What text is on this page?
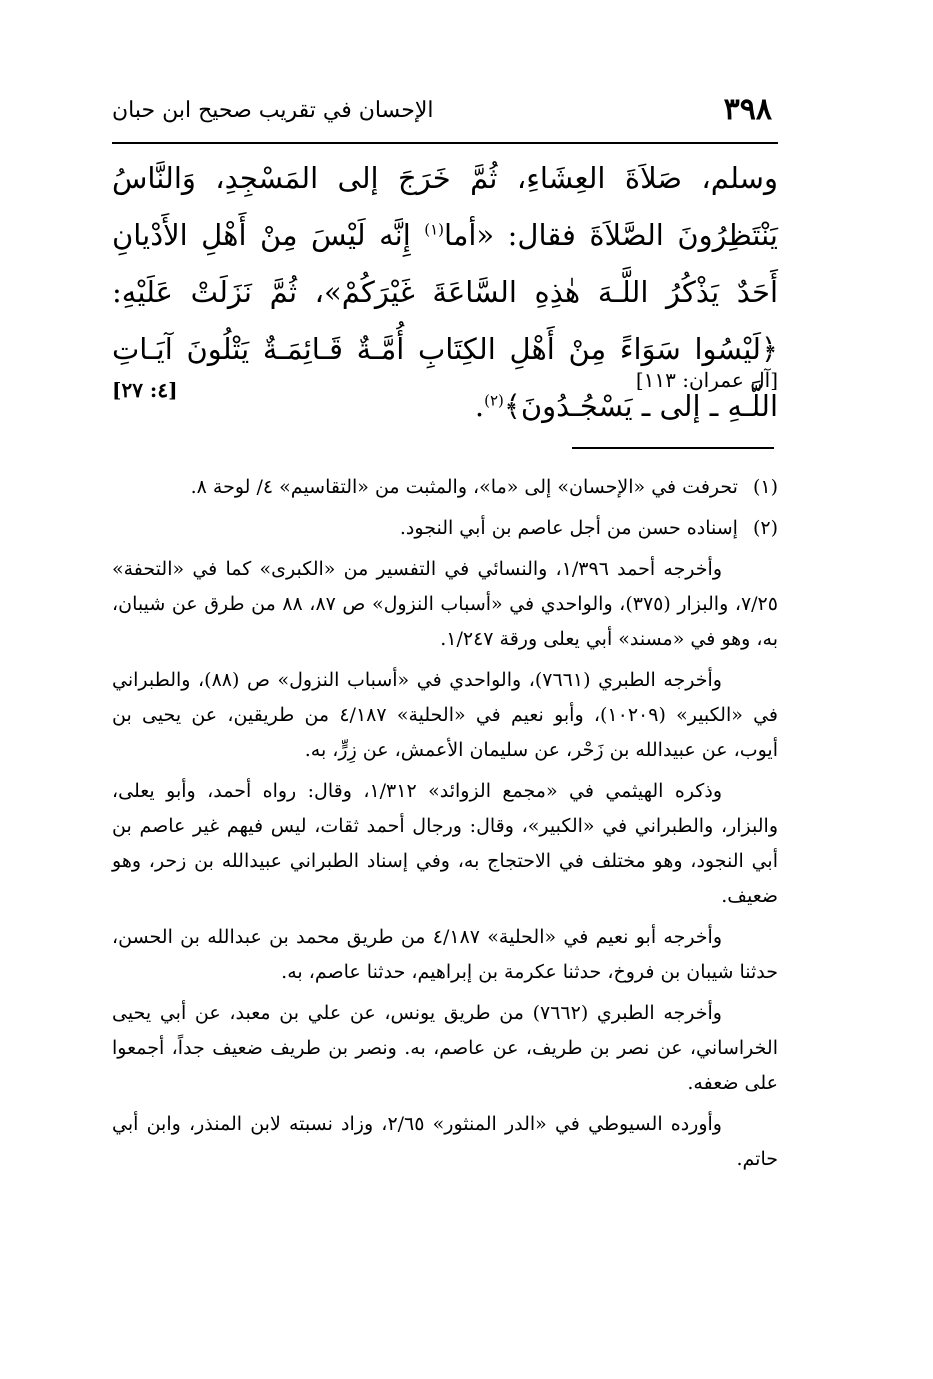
٣٩٨
الإحسان في تقريب صحيح ابن حبان

وسلم، صَلاَةَ العِشَاءِ، ثُمَّ خَرَجَ إلى المَسْجِدِ، وَالنَّاسُ يَنْتَظِرُونَ الصَّلاَةَ فقال: «أما$^{(١)}$ إِنَّه لَيْسَ مِنْ أَهْلِ الأَدْيانِ أَحَدٌ يَذْكُرُ اللَّـهَ هٰذِهِ السَّاعَةَ غَيْرَكُمْ»، ثُمَّ نَزَلَتْ عَلَيْهِ: ﴿لَيْسُوا سَوَاءً مِنْ أَهْلِ الكِتَابِ أُمَّـةٌ قَـائِمَـةٌ يَتْلُونَ آيَـاتِ اللَّـهِ ـ إلى ـ يَسْجُـدُونَ﴾$^{(٢)}$.

[آل عمران: ١١٣]
[٤: ٢٧]

(١) تحرفت في «الإحسان» إلى «ما»، والمثبت من «التقاسيم» ٤/ لوحة ٨.

(٢) إسناده حسن من أجل عاصم بن أبي النجود.

وأخرجه أحمد ١/٣٩٦، والنسائي في التفسير من «الكبرى» كما في «التحفة» ٧/٢٥، والبزار (٣٧٥)، والواحدي في «أسباب النزول» ص ٨٧، ٨٨ من طرق عن شيبان، به، وهو في «مسند» أبي يعلى ورقة ١/٢٤٧.

وأخرجه الطبري (٧٦٦١)، والواحدي في «أسباب النزول» ص (٨٨)، والطبراني في «الكبير» (١٠٢٠٩)، وأبو نعيم في «الحلية» ٤/١٨٧ من طريقين، عن يحيى بن أيوب، عن عبيدالله بن زَحْر، عن سليمان الأعمش، عن زِرٍّ، به.

وذكره الهيثمي في «مجمع الزوائد» ١/٣١٢، وقال: رواه أحمد، وأبو يعلى، والبزار، والطبراني في «الكبير»، وقال: ورجال أحمد ثقات، ليس فيهم غير عاصم بن أبي النجود، وهو مختلف في الاحتجاج به، وفي إسناد الطبراني عبيدالله بن زحر، وهو ضعيف.

وأخرجه أبو نعيم في «الحلية» ٤/١٨٧ من طريق محمد بن عبدالله بن الحسن، حدثنا شيبان بن فروخ، حدثنا عكرمة بن إبراهيم، حدثنا عاصم، به.

وأخرجه الطبري (٧٦٦٢) من طريق يونس، عن علي بن معبد، عن أبي يحيى الخراساني، عن نصر بن طريف، عن عاصم، به. ونصر بن طريف ضعيف جداً، أجمعوا على ضعفه.

وأورده السيوطي في «الدر المنثور» ٢/٦٥، وزاد نسبته لابن المنذر، وابن أبي حاتم.
